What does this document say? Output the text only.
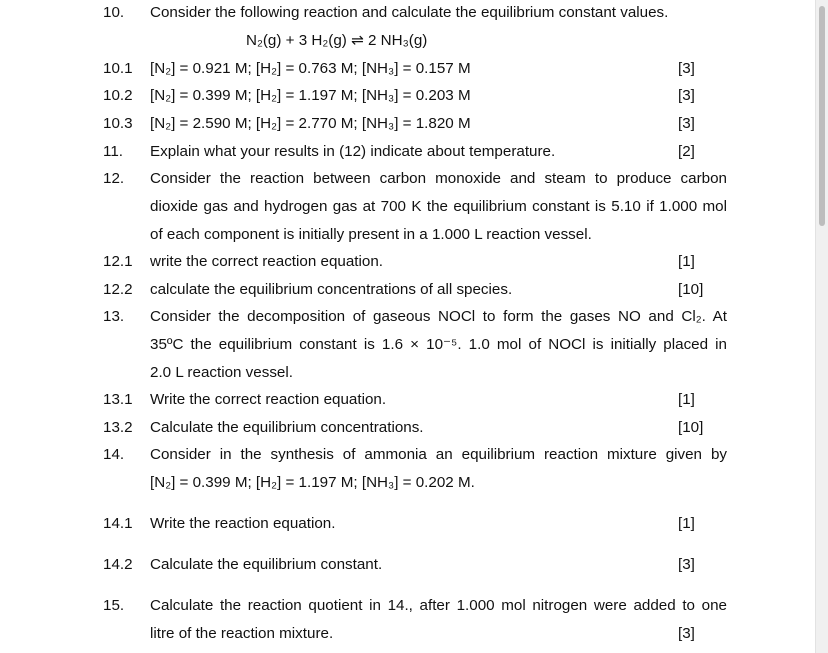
10. Consider the following reaction and calculate the equilibrium constant values.
N₂(g) + 3 H₂(g) ⇌ 2 NH₃(g)
10.1 [N₂] = 0.921 M; [H₂] = 0.763 M; [NH₃] = 0.157 M	[3]
10.2 [N₂] = 0.399 M; [H₂] = 1.197 M; [NH₃] = 0.203 M	[3]
10.3 [N₂] = 2.590 M; [H₂] = 2.770 M; [NH₃] = 1.820 M	[3]
11. Explain what your results in (12) indicate about temperature.	[2]
12. Consider the reaction between carbon monoxide and steam to produce carbon
dioxide gas and hydrogen gas at 700 K the equilibrium constant is 5.10 if 1.000 mol
of each component is initially present in a 1.000 L reaction vessel.
12.1 write the correct reaction equation.	[1]
12.2 calculate the equilibrium concentrations of all species.	[10]
13. Consider the decomposition of gaseous NOCl to form the gases NO and Cl₂. At
35ºC the equilibrium constant is 1.6 × 10⁻⁵. 1.0 mol of NOCl is initially placed in
2.0 L reaction vessel.
13.1 Write the correct reaction equation.	[1]
13.2 Calculate the equilibrium concentrations.	[10]
14. Consider in the synthesis of ammonia an equilibrium reaction mixture given by
[N₂] = 0.399 M; [H₂] = 1.197 M; [NH₃] = 0.202 M.
14.1 Write the reaction equation.	[1]
14.2 Calculate the equilibrium constant.	[3]
15. Calculate the reaction quotient in 14., after 1.000 mol nitrogen were added to one
litre of the reaction mixture.	[3]
